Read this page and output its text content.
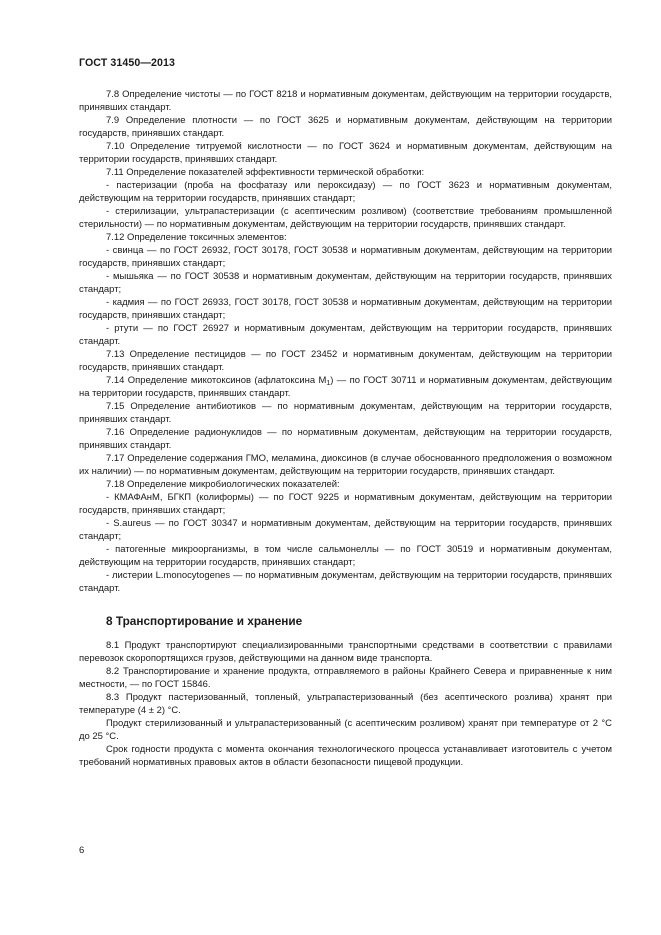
ГОСТ 31450—2013

7.8 Определение чистоты — по ГОСТ 8218 и нормативным документам, действующим на территории государств, принявших стандарт.

7.9 Определение плотности — по ГОСТ 3625 и нормативным документам, действующим на территории государств, принявших стандарт.

7.10 Определение титруемой кислотности — по ГОСТ 3624 и нормативным документам, действующим на территории государств, принявших стандарт.

7.11 Определение показателей эффективности термической обработки:

- пастеризации (проба на фосфатазу или пероксидазу) — по ГОСТ 3623 и нормативным документам, действующим на территории государств, принявших стандарт;

- стерилизации, ультрапастеризации (с асептическим розливом) (соответствие требованиям промышленной стерильности) — по нормативным документам, действующим на территории государств, принявших стандарт.

7.12 Определение токсичных элементов:

- свинца — по ГОСТ 26932, ГОСТ 30178, ГОСТ 30538 и нормативным документам, действующим на территории государств, принявших стандарт;

- мышьяка — по ГОСТ 30538 и нормативным документам, действующим на территории государств, принявших стандарт;

- кадмия — по ГОСТ 26933, ГОСТ 30178, ГОСТ 30538 и нормативным документам, действующим на территории государств, принявших стандарт;

- ртути — по ГОСТ 26927 и нормативным документам, действующим на территории государств, принявших стандарт.

7.13 Определение пестицидов — по ГОСТ 23452 и нормативным документам, действующим на территории государств, принявших стандарт.

7.14 Определение микотоксинов (афлатоксина $М_1$) — по ГОСТ 30711 и нормативным документам, действующим на территории государств, принявших стандарт.

7.15 Определение антибиотиков — по нормативным документам, действующим на территории государств, принявших стандарт.

7.16 Определение радионуклидов — по нормативным документам, действующим на территории государств, принявших стандарт.

7.17 Определение содержания ГМО, меламина, диоксинов (в случае обоснованного предположения о возможном их наличии) — по нормативным документам, действующим на территории государств, принявших стандарт.

7.18 Определение микробиологических показателей:

- КМАФАнМ, БГКП (колиформы) — по ГОСТ 9225 и нормативным документам, действующим на территории государств, принявших стандарт;

- S.aureus — по ГОСТ 30347 и нормативным документам, действующим на территории государств, принявших стандарт;

- патогенные микроорганизмы, в том числе сальмонеллы — по ГОСТ 30519 и нормативным документам, действующим на территории государств, принявших стандарт;

- листерии L.monocytogenes — по нормативным документам, действующим на территории государств, принявших стандарт.

8 Транспортирование и хранение

8.1 Продукт транспортируют специализированными транспортными средствами в соответствии с правилами перевозок скоропортящихся грузов, действующими на данном виде транспорта.

8.2 Транспортирование и хранение продукта, отправляемого в районы Крайнего Севера и приравненные к ним местности, — по ГОСТ 15846.

8.3 Продукт пастеризованный, топленый, ультрапастеризованный (без асептического розлива) хранят при температуре (4 ± 2) °С.

Продукт стерилизованный и ультрапастеризованный (с асептическим розливом) хранят при температуре от 2 °С до 25 °С.

Срок годности продукта с момента окончания технологического процесса устанавливает изготовитель с учетом требований нормативных правовых актов в области безопасности пищевой продукции.

6
